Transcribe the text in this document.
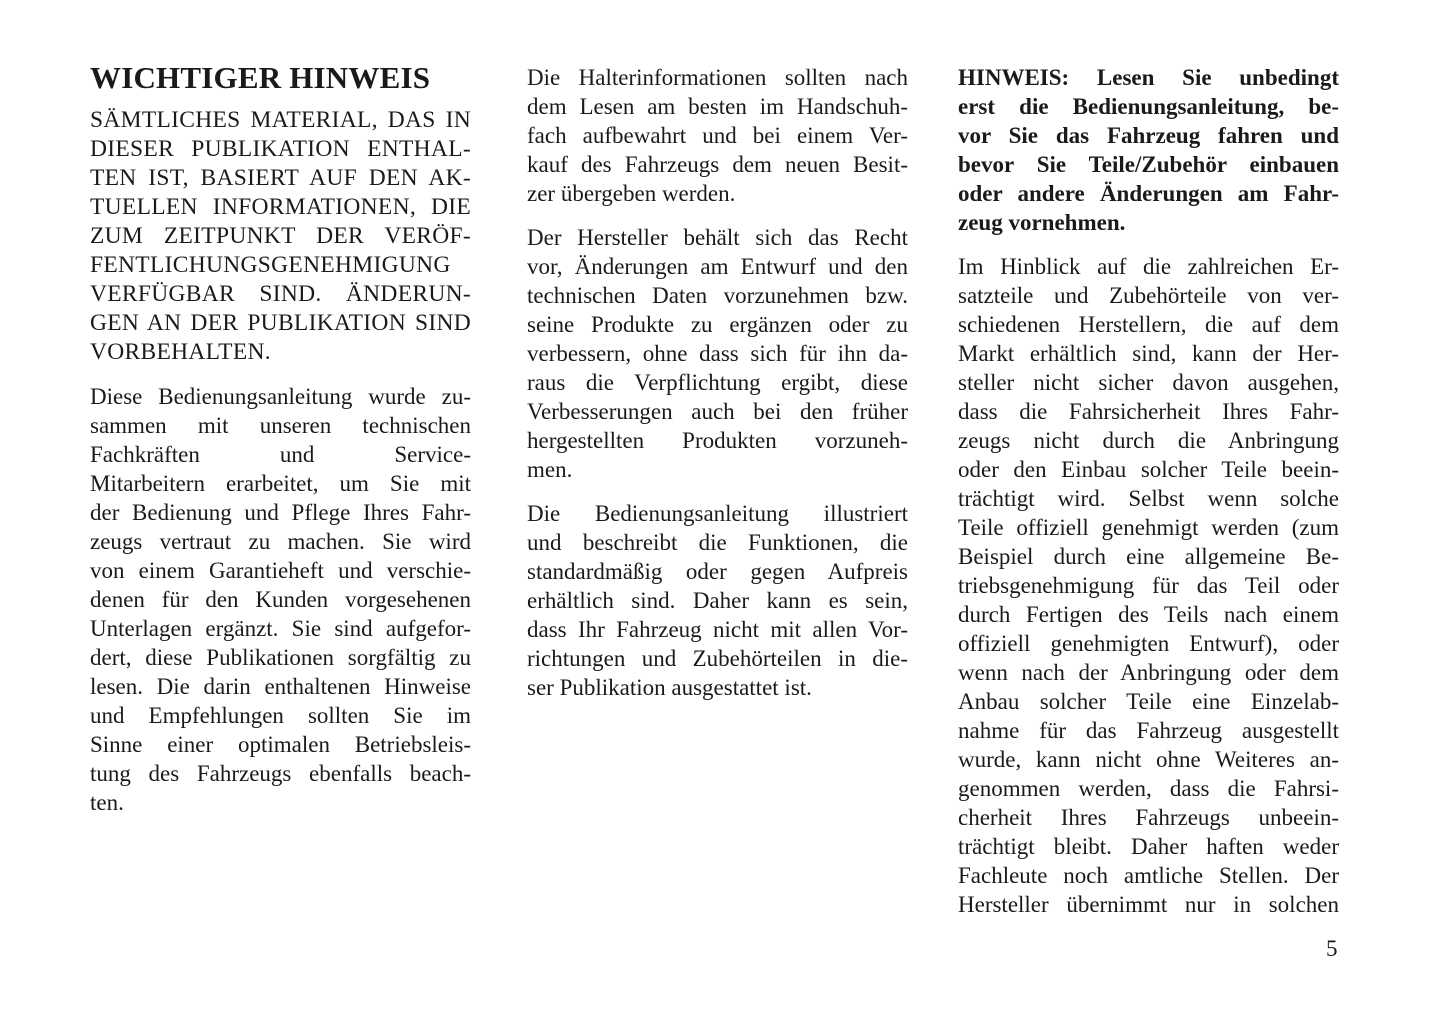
WICHTIGER HINWEIS
SÄMTLICHES MATERIAL, DAS IN
DIESER PUBLIKATION ENTHAL-
TEN IST, BASIERT AUF DEN AK-
TUELLEN INFORMATIONEN, DIE
ZUM ZEITPUNKT DER VERÖF-
FENTLICHUNGSGENEHMIGUNG
VERFÜGBAR SIND. ÄNDERUN-
GEN AN DER PUBLIKATION SIND
VORBEHALTEN.
Diese Bedienungsanleitung wurde zu-
sammen mit unseren technischen
Fachkräften und Service-
Mitarbeitern erarbeitet, um Sie mit
der Bedienung und Pflege Ihres Fahr-
zeugs vertraut zu machen. Sie wird
von einem Garantieheft und verschie-
denen für den Kunden vorgesehenen
Unterlagen ergänzt. Sie sind aufgefor-
dert, diese Publikationen sorgfältig zu
lesen. Die darin enthaltenen Hinweise
und Empfehlungen sollten Sie im
Sinne einer optimalen Betriebsleis-
tung des Fahrzeugs ebenfalls beach-
ten.
Die Halterinformationen sollten nach
dem Lesen am besten im Handschuh-
fach aufbewahrt und bei einem Ver-
kauf des Fahrzeugs dem neuen Besit-
zer übergeben werden.
Der Hersteller behält sich das Recht
vor, Änderungen am Entwurf und den
technischen Daten vorzunehmen bzw.
seine Produkte zu ergänzen oder zu
verbessern, ohne dass sich für ihn da-
raus die Verpflichtung ergibt, diese
Verbesserungen auch bei den früher
hergestellten Produkten vorzuneh-
men.
Die Bedienungsanleitung illustriert
und beschreibt die Funktionen, die
standardmäßig oder gegen Aufpreis
erhältlich sind. Daher kann es sein,
dass Ihr Fahrzeug nicht mit allen Vor-
richtungen und Zubehörteilen in die-
ser Publikation ausgestattet ist.
HINWEIS: Lesen Sie unbedingt
erst die Bedienungsanleitung, be-
vor Sie das Fahrzeug fahren und
bevor Sie Teile/Zubehör einbauen
oder andere Änderungen am Fahr-
zeug vornehmen.
Im Hinblick auf die zahlreichen Er-
satzteile und Zubehörteile von ver-
schiedenen Herstellern, die auf dem
Markt erhältlich sind, kann der Her-
steller nicht sicher davon ausgehen,
dass die Fahrsicherheit Ihres Fahr-
zeugs nicht durch die Anbringung
oder den Einbau solcher Teile beein-
trächtigt wird. Selbst wenn solche
Teile offiziell genehmigt werden (zum
Beispiel durch eine allgemeine Be-
triebsgenehmigung für das Teil oder
durch Fertigen des Teils nach einem
offiziell genehmigten Entwurf), oder
wenn nach der Anbringung oder dem
Anbau solcher Teile eine Einzelab-
nahme für das Fahrzeug ausgestellt
wurde, kann nicht ohne Weiteres an-
genommen werden, dass die Fahrsi-
cherheit Ihres Fahrzeugs unbeein-
trächtigt bleibt. Daher haften weder
Fachleute noch amtliche Stellen. Der
Hersteller übernimmt nur in solchen
5
